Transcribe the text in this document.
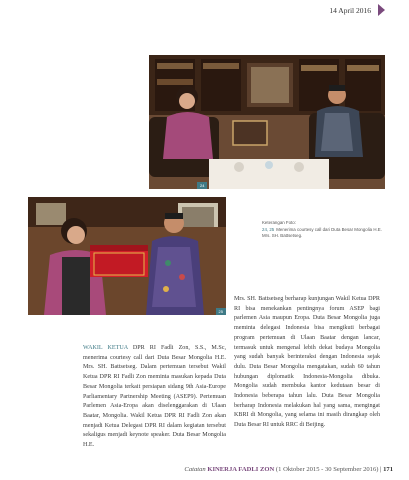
14 April 2016
24
25
Keterangan Foto:
24, 25 Menerima courtesy call dari Duta Besar Mongolia H.E. Mrs. SH. Battsetseg.
WAKIL KETUA DPR RI Fadli Zon, S.S., M.Sc, menerima courtesy call dari Duta Besar Mongolia H.E. Mrs. SH. Battsetseg. Dalam pertemuan tersebut Wakil Ketua DPR RI Fadli Zon meminta masukan kepada Duta Besar Mongolia terkait persiapan sidang 9th Asia-Europe Parliamentary Partnership Meeting (ASEP9). Pertemuan Parlemen Asia-Eropa akan diselenggarakan di Ulaan Baatar, Mongolia. Wakil Ketua DPR RI Fadli Zon akan menjadi Ketua Delegasi DPR RI dalam kegiatan tersebut sekaligus menjadi keynote speaker. Duta Besar Mongolia H.E.
Mrs. SH. Battsetseg berharap kunjungan Wakil Ketua DPR RI bisa menekankan pentingnya forum ASEP bagi parlemen Asia maupun Eropa. Duta Besar Mongolia juga meminta delegasi Indonesia bisa mengikuti berbagai program pertemuan di Ulaan Baatar dengan lancar, termasuk untuk mengenal lebih dekat budaya Mongolia yang sudah banyak berinteraksi dengan Indonesia sejak dulu. Duta Besar Mongolia mengatakan, sudah 60 tahun hubungan diplomatik Indonesia-Mongolia dibuka. Mongolia sudah membuka kantor kedutaan besar di Indonesia beberapa tahun lalu. Duta Besar Mongolia berharap Indonesia melakukan hal yang sama, mengingat KBRI di Mongolia, yang selama ini masih dirangkap oleh Duta Besar RI untuk RRC di Beijing.
Catatan KINERJA FADLI ZON (1 Oktober 2015 - 30 September 2016) | 171
